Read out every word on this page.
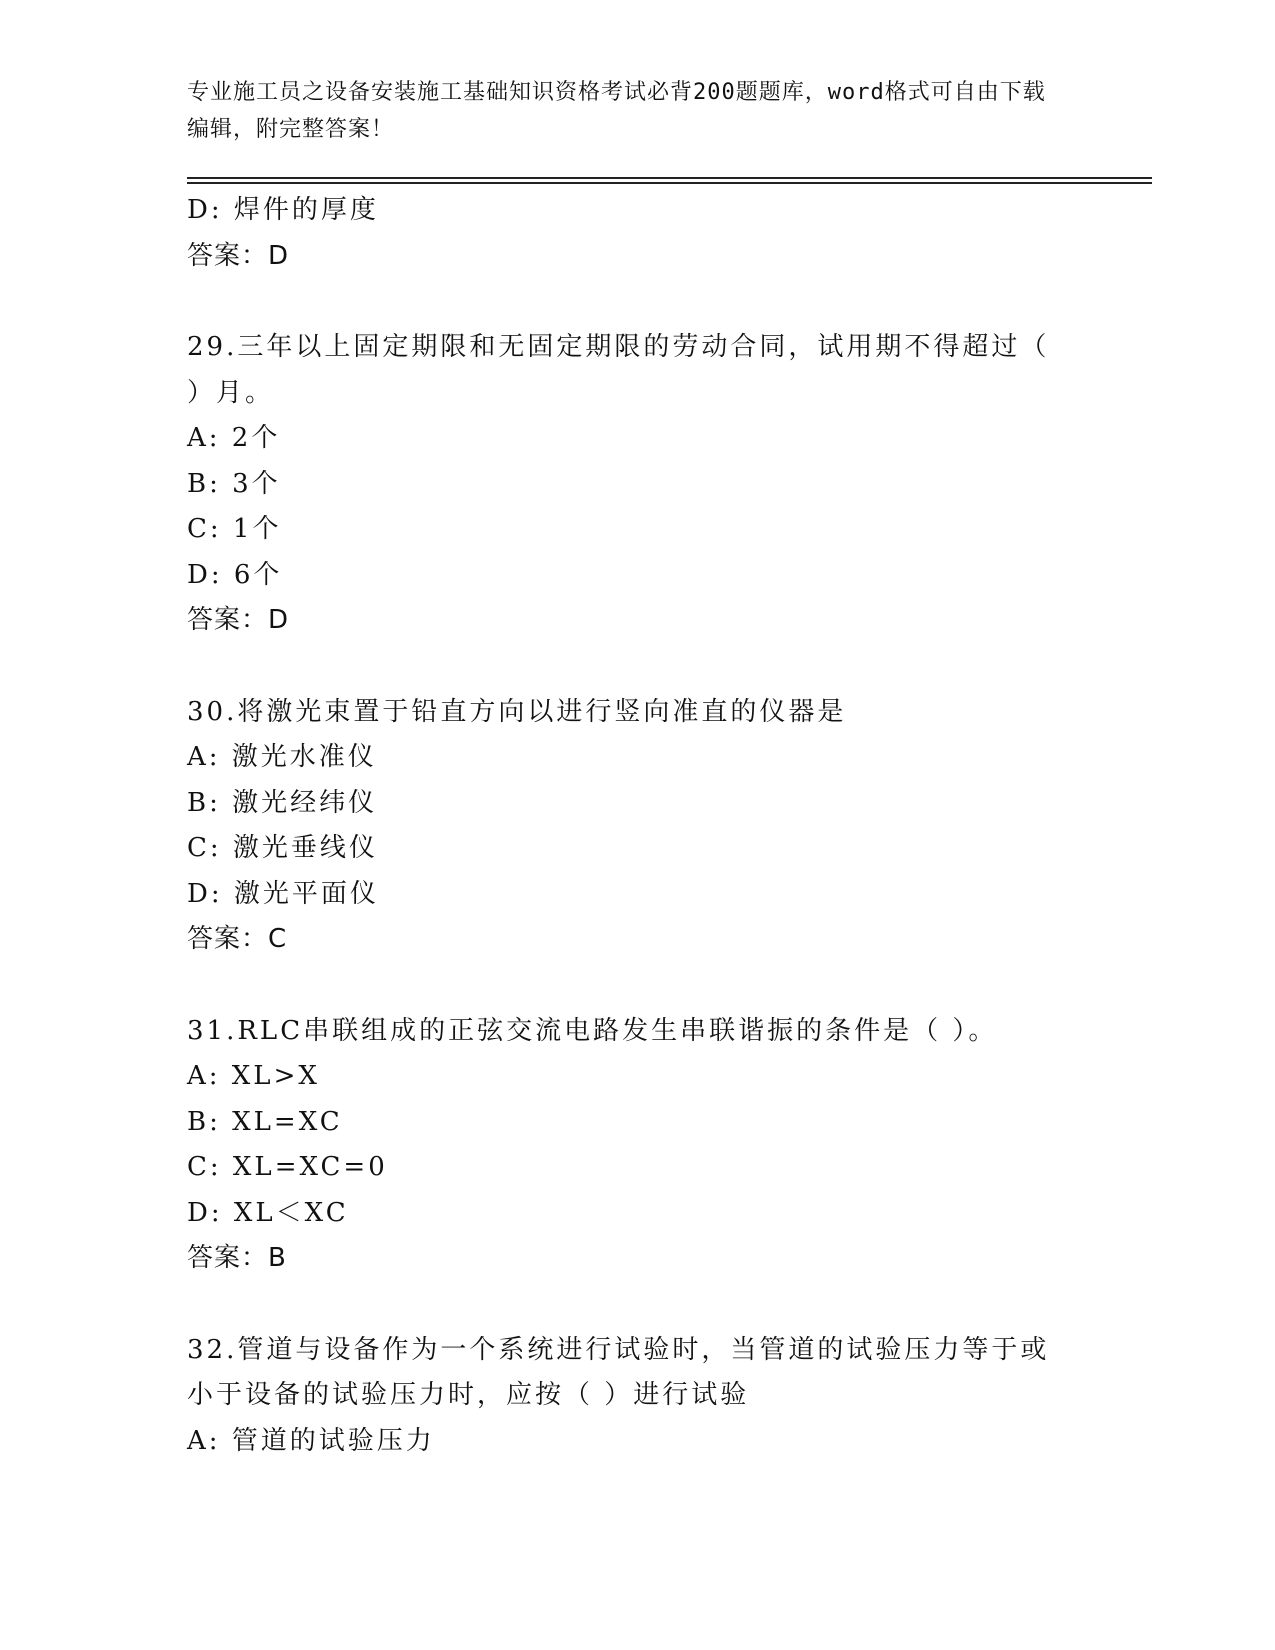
专业施工员之设备安装施工基础知识资格考试必背200题题库，word格式可自由下载编辑，附完整答案！
D: 焊件的厚度
答案：D
29.三年以上固定期限和无固定期限的劳动合同，试用期不得超过（ ）月。
A: 2个
B: 3个
C: 1个
D: 6个
答案：D
30.将激光束置于铅直方向以进行竖向准直的仪器是
A: 激光水准仪
B: 激光经纬仪
C: 激光垂线仪
D: 激光平面仪
答案：C
31.RLC串联组成的正弦交流电路发生串联谐振的条件是（ ）。
A: XL>X
B: XL=XC
C: XL=XC=0
D: XL＜XC
答案：B
32.管道与设备作为一个系统进行试验时，当管道的试验压力等于或小于设备的试验压力时，应按（ ）进行试验
A: 管道的试验压力
